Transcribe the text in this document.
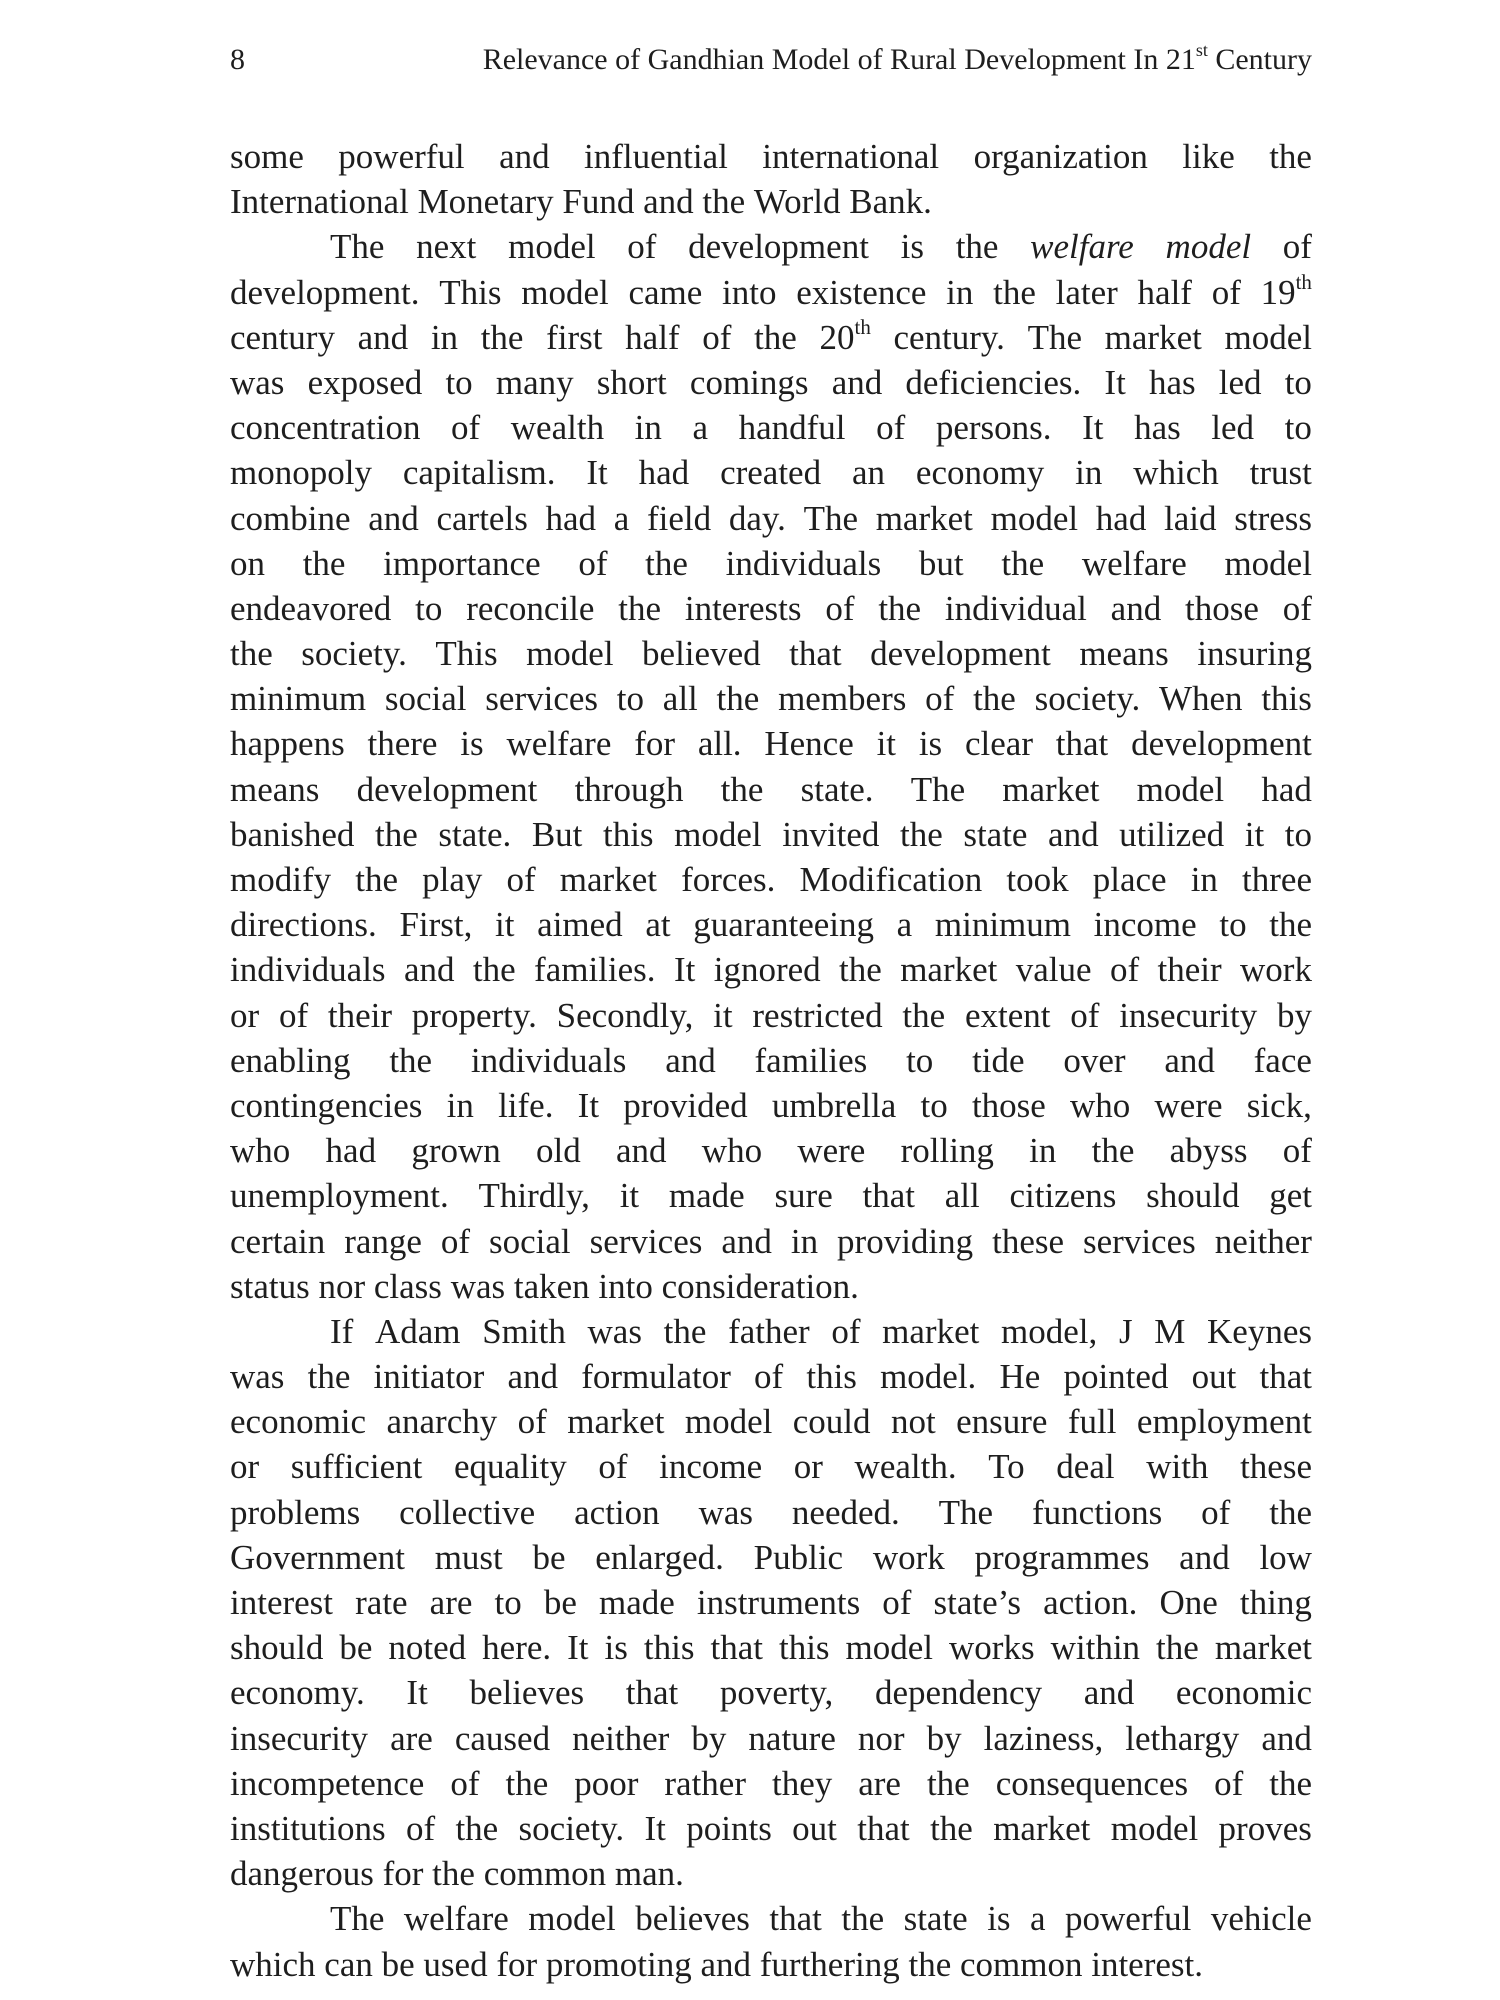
8	Relevance of Gandhian Model of Rural Development In 21st Century
some powerful and influential international organization like the
International Monetary Fund and the World Bank.
The next model of development is the welfare model of
development. This model came into existence in the later half of 19th
century and in the first half of the 20th century. The market model
was exposed to many short comings and deficiencies. It has led to
concentration of wealth in a handful of persons. It has led to
monopoly capitalism. It had created an economy in which trust
combine and cartels had a field day. The market model had laid stress
on the importance of the individuals but the welfare model
endeavored to reconcile the interests of the individual and those of
the society. This model believed that development means insuring
minimum social services to all the members of the society. When this
happens there is welfare for all. Hence it is clear that development
means development through the state. The market model had
banished the state. But this model invited the state and utilized it to
modify the play of market forces. Modification took place in three
directions. First, it aimed at guaranteeing a minimum income to the
individuals and the families. It ignored the market value of their work
or of their property. Secondly, it restricted the extent of insecurity by
enabling the individuals and families to tide over and face
contingencies in life. It provided umbrella to those who were sick,
who had grown old and who were rolling in the abyss of
unemployment. Thirdly, it made sure that all citizens should get
certain range of social services and in providing these services neither
status nor class was taken into consideration.
If Adam Smith was the father of market model, J M Keynes
was the initiator and formulator of this model. He pointed out that
economic anarchy of market model could not ensure full employment
or sufficient equality of income or wealth. To deal with these
problems collective action was needed. The functions of the
Government must be enlarged. Public work programmes and low
interest rate are to be made instruments of state’s action. One thing
should be noted here. It is this that this model works within the market
economy. It believes that poverty, dependency and economic
insecurity are caused neither by nature nor by laziness, lethargy and
incompetence of the poor rather they are the consequences of the
institutions of the society. It points out that the market model proves
dangerous for the common man.
The welfare model believes that the state is a powerful vehicle
which can be used for promoting and furthering the common interest.
